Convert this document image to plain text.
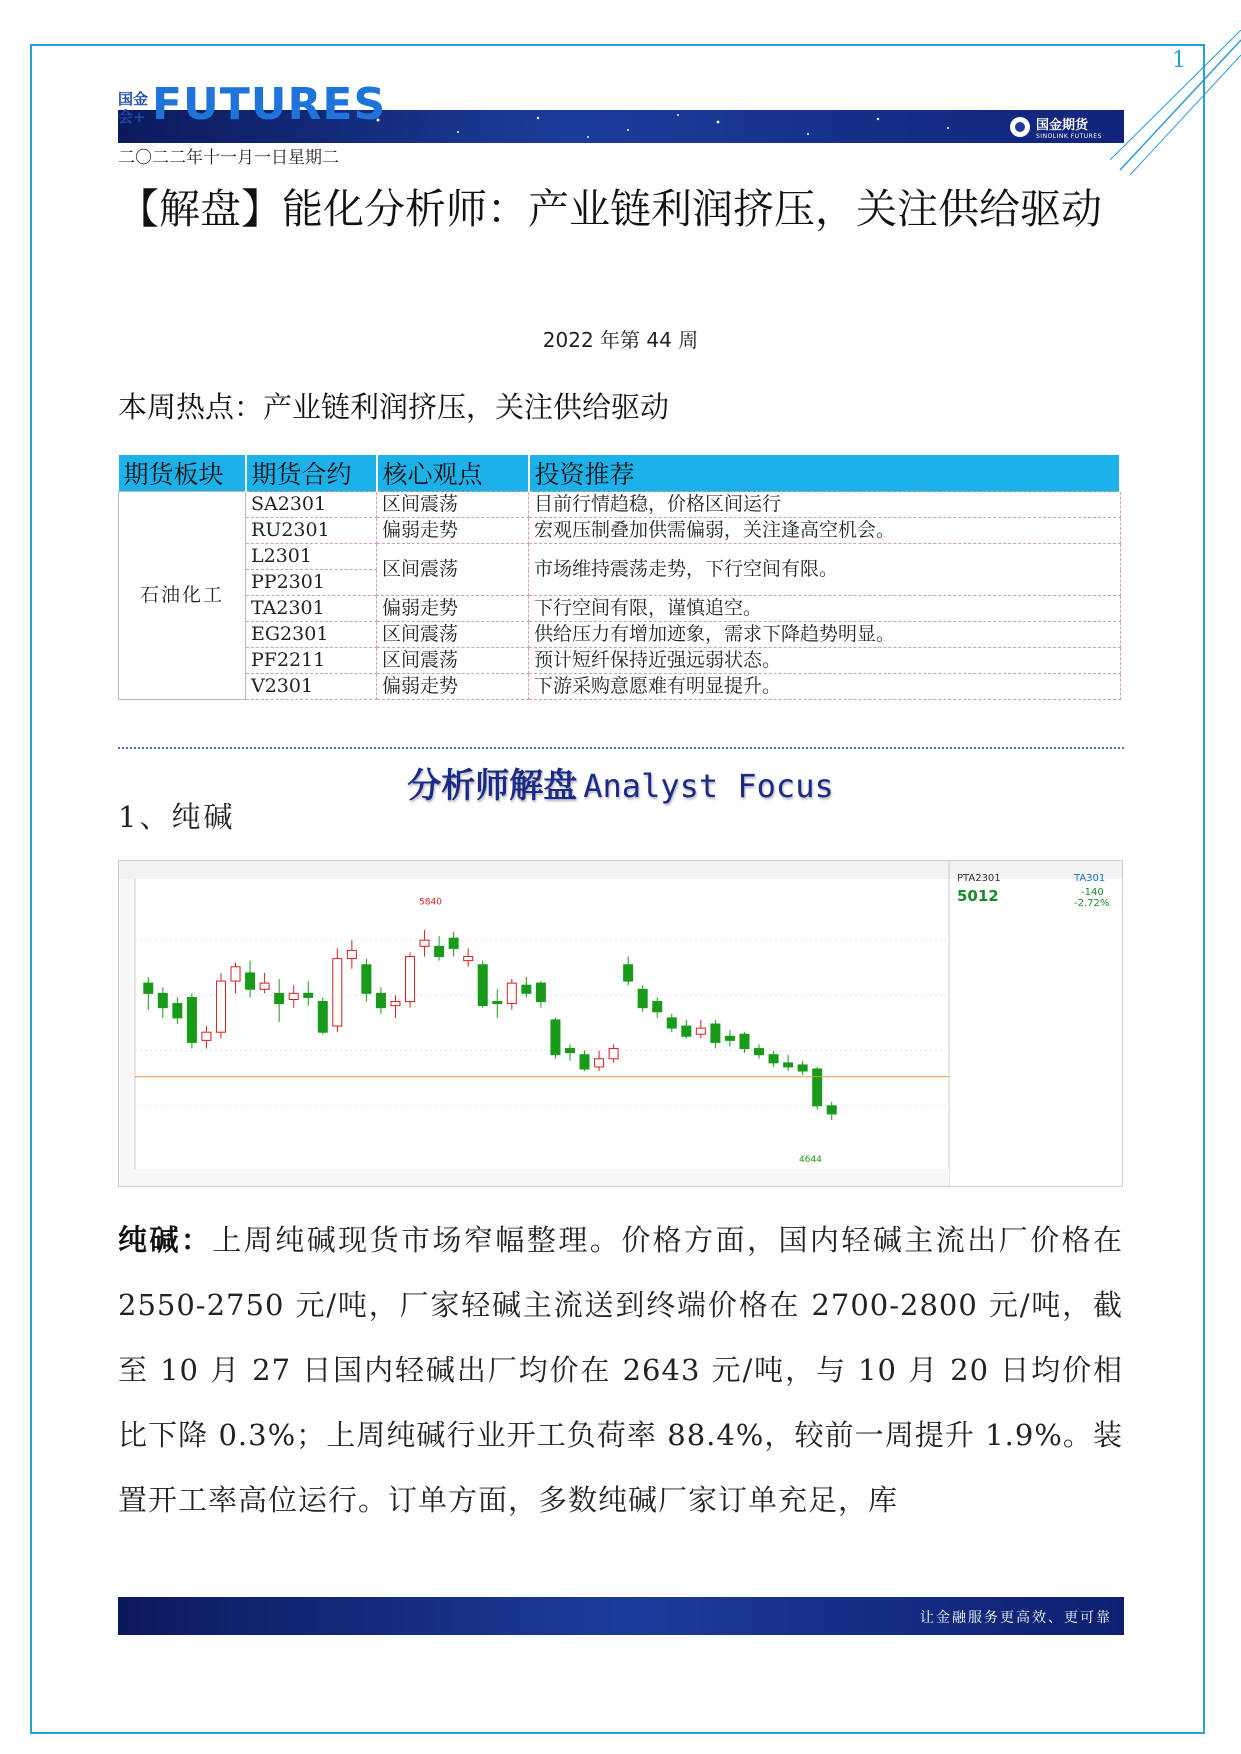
1
国金会+ FUTURES	国金期货
SINOLINK FUTURES
二〇二二年十一月一日星期二
【解盘】能化分析师：产业链利润挤压，关注供给驱动
2022 年第 44 周
本周热点：产业链利润挤压，关注供给驱动
期货板块	期货合约	核心观点	投资推荐
石油化工	SA2301	区间震荡	目前行情趋稳，价格区间运行
	RU2301	偏弱走势	宏观压制叠加供需偏弱，关注逢高空机会。
	L2301	区间震荡	市场维持震荡走势，下行空间有限。
	PP2301		
	TA2301	偏弱走势	下行空间有限，谨慎追空。
	EG2301	区间震荡	供给压力有增加迹象，需求下降趋势明显。
	PF2211	区间震荡	预计短纤保持近强远弱状态。
	V2301	偏弱走势	下游采购意愿难有明显提升。
分析师解盘 Analyst Focus
1、纯碱
5840
4644
PTA2301	TA301
5012	-140
-2.72%
纯碱：上周纯碱现货市场窄幅整理。价格方面，国内轻碱主流出厂价格在 2550-2750 元/吨，厂家轻碱主流送到终端价格在 2700-2800 元/吨，截至 10 月 27 日国内轻碱出厂均价在 2643 元/吨，与 10 月 20 日均价相比下降 0.3%；上周纯碱行业开工负荷率 88.4%，较前一周提升 1.9%。装置开工率高位运行。订单方面，多数纯碱厂家订单充足，库
让金融服务更高效、更可靠
